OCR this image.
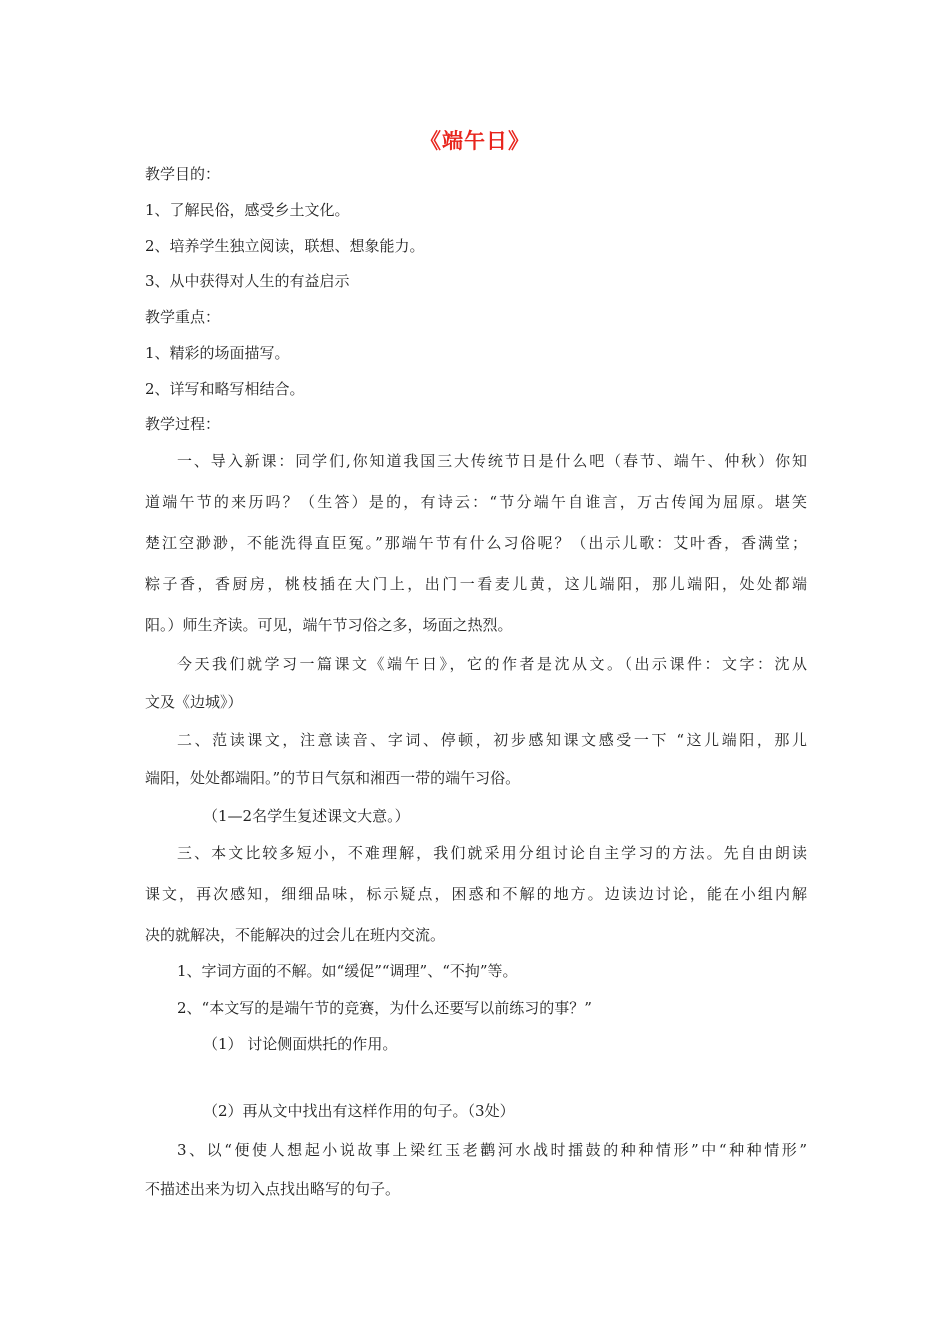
《端午日》
教学目的：
1、了解民俗，感受乡土文化。
2、培养学生独立阅读，联想、想象能力。
3、从中获得对人生的有益启示
教学重点：
1、精彩的场面描写。
2、详写和略写相结合。
教学过程：
一、导入新课：同学们,你知道我国三大传统节日是什么吧（春节、端午、仲秋）你知
道端午节的来历吗？（生答）是的，有诗云：“节分端午自谁言，万古传闻为屈原。堪笑
楚江空渺渺，不能洗得直臣冤。”那端午节有什么习俗呢？（出示儿歌：艾叶香，香满堂；
粽子香，香厨房，桃枝插在大门上，出门一看麦儿黄，这儿端阳，那儿端阳，处处都端
阳。）师生齐读。可见，端午节习俗之多，场面之热烈。
今天我们就学习一篇课文《端午日》，它的作者是沈从文。（出示课件：文字：沈从
文及《边城》）
二、范读课文，注意读音、字词、停顿，初步感知课文感受一下 “这儿端阳，那儿
端阳，处处都端阳。”的节日气氛和湘西一带的端午习俗。
（1—2名学生复述课文大意。）
三、本文比较多短小，不难理解，我们就采用分组讨论自主学习的方法。先自由朗读
课文，再次感知，细细品味，标示疑点，困惑和不解的地方。边读边讨论，能在小组内解
决的就解决，不能解决的过会儿在班内交流。
1、字词方面的不解。如“缓促”“调理”、“不拘”等。
2、“本文写的是端午节的竞赛，为什么还要写以前练习的事？”
（1） 讨论侧面烘托的作用。
（2）再从文中找出有这样作用的句子。（3处）
3、以“便使人想起小说故事上梁红玉老鹳河水战时擂鼓的种种情形”中“种种情形”
不描述出来为切入点找出略写的句子。
